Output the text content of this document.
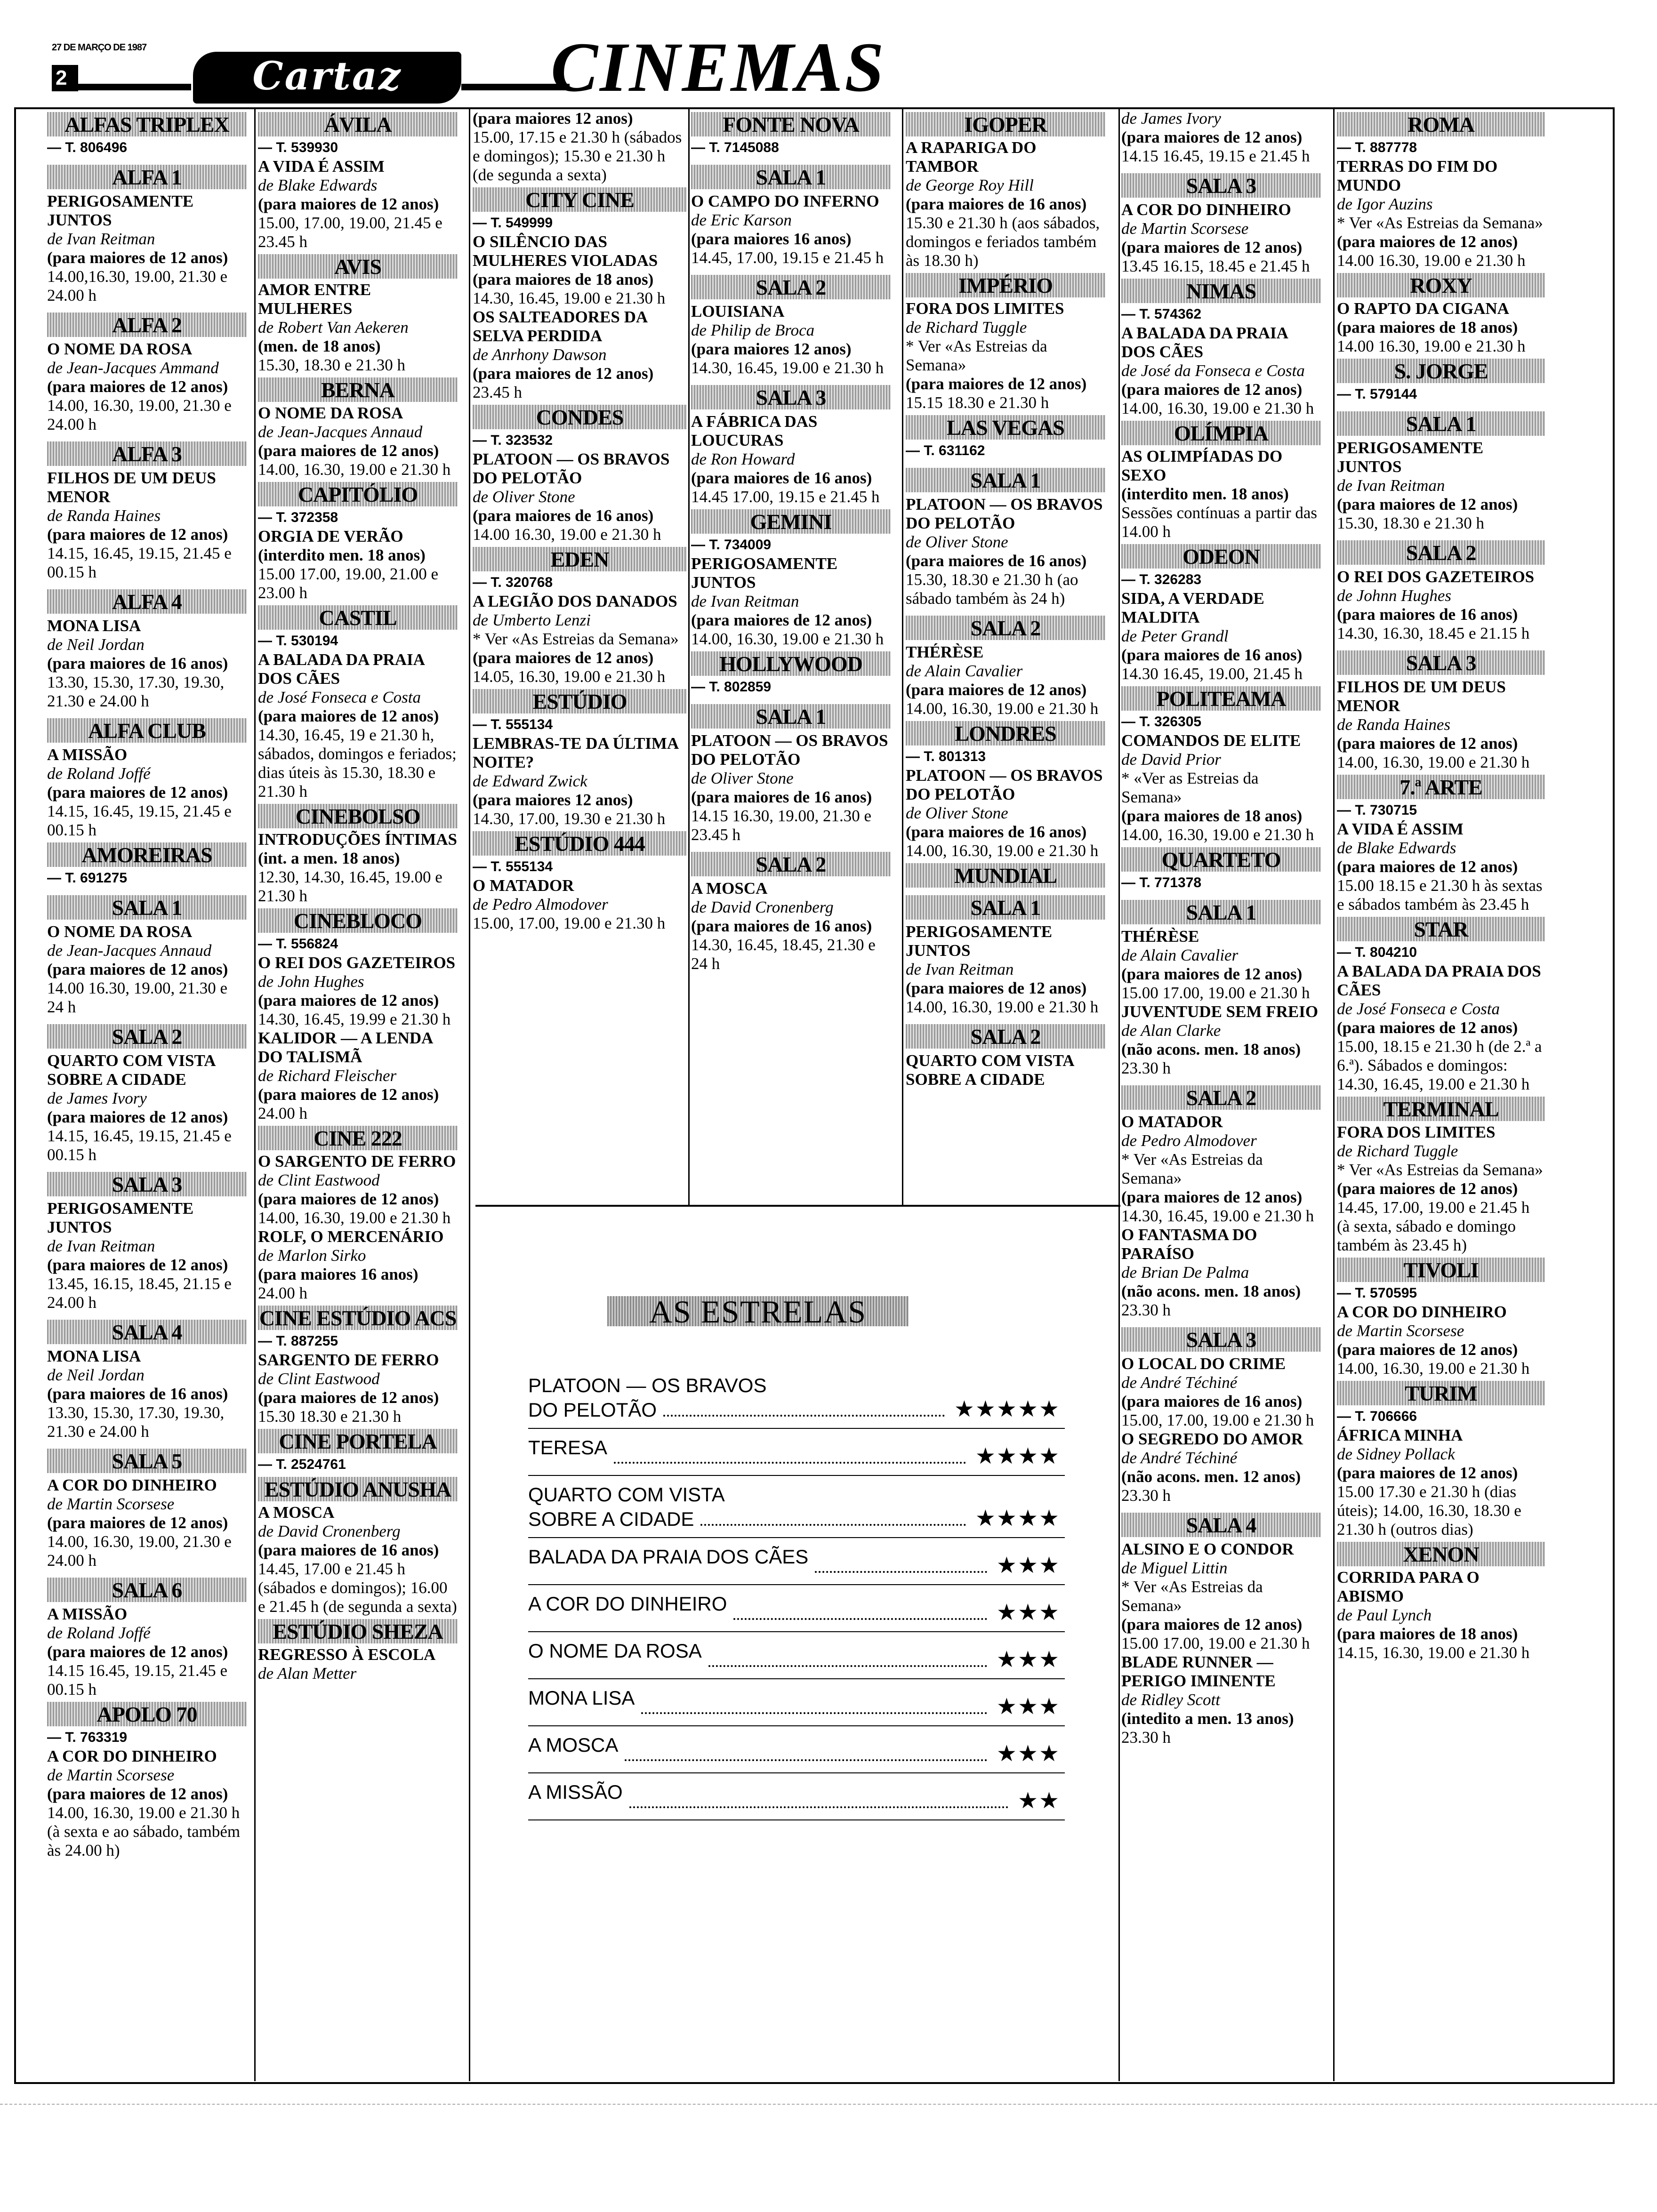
27 DE MARÇO DE 1987
2	Cartaz	CINEMAS
ALFAS TRIPLEX
— T. 806496
ALFA 1
PERIGOSAMENTE JUNTOS
de Ivan Reitman
(para maiores de 12 anos)
14.00,16.30, 19.00, 21.30 e 24.00 h
ALFA 2
O NOME DA ROSA
de Jean-Jacques Ammand
(para maiores de 12 anos)
14.00, 16.30, 19.00, 21.30 e 24.00 h
ALFA 3
FILHOS DE UM DEUS MENOR
de Randa Haines
(para maiores de 12 anos)
14.15, 16.45, 19.15, 21.45 e 00.15 h
ALFA 4
MONA LISA
de Neil Jordan
(para maiores de 16 anos)
13.30, 15.30, 17.30, 19.30, 21.30 e 24.00 h
ALFA CLUB
A MISSÃO
de Roland Joffé
(para maiores de 12 anos)
14.15, 16.45, 19.15, 21.45 e 00.15 h
AMOREIRAS
— T. 691275
SALA 1
O NOME DA ROSA
de Jean-Jacques Annaud
(para maiores de 12 anos)
14.00 16.30, 19.00, 21.30 e 24 h
SALA 2
QUARTO COM VISTA SOBRE A CIDADE
de James Ivory
(para maiores de 12 anos)
14.15, 16.45, 19.15, 21.45 e 00.15 h
SALA 3
PERIGOSAMENTE JUNTOS
de Ivan Reitman
(para maiores de 12 anos)
13.45, 16.15, 18.45, 21.15 e 24.00 h
SALA 4
MONA LISA
de Neil Jordan
(para maiores de 16 anos)
13.30, 15.30, 17.30, 19.30, 21.30 e 24.00 h
SALA 5
A COR DO DINHEIRO
de Martin Scorsese
(para maiores de 12 anos)
14.00, 16.30, 19.00, 21.30 e 24.00 h
SALA 6
A MISSÃO
de Roland Joffé
(para maiores de 12 anos)
14.15 16.45, 19.15, 21.45 e 00.15 h
APOLO 70
— T. 763319
A COR DO DINHEIRO
de Martin Scorsese
(para maiores de 12 anos)
14.00, 16.30, 19.00 e 21.30 h (à sexta e ao sábado, também às 24.00 h)
ÁVILA
— T. 539930
A VIDA É ASSIM
de Blake Edwards
(para maiores de 12 anos)
15.00, 17.00, 19.00, 21.45 e 23.45 h
AVIS
AMOR ENTRE MULHERES
de Robert Van Aekeren
(men. de 18 anos)
15.30, 18.30 e 21.30 h
BERNA
O NOME DA ROSA
de Jean-Jacques Annaud
(para maiores de 12 anos)
14.00, 16.30, 19.00 e 21.30 h
CAPITÓLIO
— T. 372358
ORGIA DE VERÃO
(interdito men. 18 anos)
15.00 17.00, 19.00, 21.00 e 23.00 h
CASTIL
— T. 530194
A BALADA DA PRAIA DOS CÃES
de José Fonseca e Costa
(para maiores de 12 anos)
14.30, 16.45, 19 e 21.30 h, sábados, domingos e feriados; dias úteis às 15.30, 18.30 e 21.30 h
CINEBOLSO
INTRODUÇÕES ÍNTIMAS
(int. a men. 18 anos)
12.30, 14.30, 16.45, 19.00 e 21.30 h
CINEBLOCO
— T. 556824
O REI DOS GAZETEIROS
de John Hughes
(para maiores de 12 anos)
14.30, 16.45, 19.99 e 21.30 h
KALIDOR — A LENDA DO TALISMÃ
de Richard Fleischer
(para maiores de 12 anos)
24.00 h
CINE 222
O SARGENTO DE FERRO
de Clint Eastwood
(para maiores de 12 anos)
14.00, 16.30, 19.00 e 21.30 h
ROLF, O MERCENÁRIO
de Marlon Sirko
(para maiores 16 anos)
24.00 h
CINE ESTÚDIO ACS
— T. 887255
SARGENTO DE FERRO
de Clint Eastwood
(para maiores de 12 anos)
15.30 18.30 e 21.30 h
CINE PORTELA
— T. 2524761
ESTÚDIO ANUSHA
A MOSCA
de David Cronenberg
(para maiores de 16 anos)
14.45, 17.00 e 21.45 h (sábados e domingos); 16.00 e 21.45 h (de segunda a sexta)
ESTÚDIO SHEZA
REGRESSO À ESCOLA
de Alan Metter
(para maiores 12 anos)
15.00, 17.15 e 21.30 h (sábados e domingos); 15.30 e 21.30 h (de segunda a sexta)
CITY CINE
— T. 549999
O SILÊNCIO DAS MULHERES VIOLADAS
(para maiores de 18 anos)
14.30, 16.45, 19.00 e 21.30 h
OS SALTEADORES DA SELVA PERDIDA
de Anrhony Dawson
(para maiores de 12 anos)
23.45 h
CONDES
— T. 323532
PLATOON — OS BRAVOS DO PELOTÃO
de Oliver Stone
(para maiores de 16 anos)
14.00 16.30, 19.00 e 21.30 h
EDEN
— T. 320768
A LEGIÃO DOS DANADOS
de Umberto Lenzi
* Ver «As Estreias da Semana»
(para maiores de 12 anos)
14.05, 16.30, 19.00 e 21.30 h
ESTÚDIO
— T. 555134
LEMBRAS-TE DA ÚLTIMA NOITE?
de Edward Zwick
(para maiores 12 anos)
14.30, 17.00, 19.30 e 21.30 h
ESTÚDIO 444
— T. 555134
O MATADOR
de Pedro Almodover
15.00, 17.00, 19.00 e 21.30 h
FONTE NOVA
— T. 7145088
SALA 1
O CAMPO DO INFERNO
de Eric Karson
(para maiores 16 anos)
14.45, 17.00, 19.15 e 21.45 h
SALA 2
LOUISIANA
de Philip de Broca
(para maiores 12 anos)
14.30, 16.45, 19.00 e 21.30 h
SALA 3
A FÁBRICA DAS LOUCURAS
de Ron Howard
(para maiores de 16 anos)
14.45 17.00, 19.15 e 21.45 h
GEMINI
— T. 734009
PERIGOSAMENTE JUNTOS
de Ivan Reitman
(para maiores de 12 anos)
14.00, 16.30, 19.00 e 21.30 h
HOLLYWOOD
— T. 802859
SALA 1
PLATOON — OS BRAVOS DO PELOTÃO
de Oliver Stone
(para maiores de 16 anos)
14.15 16.30, 19.00, 21.30 e 23.45 h
SALA 2
A MOSCA
de David Cronenberg
(para maiores de 16 anos)
14.30, 16.45, 18.45, 21.30 e 24 h
IGOPER
A RAPARIGA DO TAMBOR
de George Roy Hill
(para maiores de 16 anos)
15.30 e 21.30 h (aos sábados, domingos e feriados também às 18.30 h)
IMPÉRIO
FORA DOS LIMITES
de Richard Tuggle
* Ver «As Estreias da Semana»
(para maiores de 12 anos)
15.15 18.30 e 21.30 h
LAS VEGAS
— T. 631162
SALA 1
PLATOON — OS BRAVOS DO PELOTÃO
de Oliver Stone
(para maiores de 16 anos)
15.30, 18.30 e 21.30 h (ao sábado também às 24 h)
SALA 2
THÉRÈSE
de Alain Cavalier
(para maiores de 12 anos)
14.00, 16.30, 19.00 e 21.30 h
LONDRES
— T. 801313
PLATOON — OS BRAVOS DO PELOTÃO
de Oliver Stone
(para maiores de 16 anos)
14.00, 16.30, 19.00 e 21.30 h
MUNDIAL
SALA 1
PERIGOSAMENTE JUNTOS
de Ivan Reitman
(para maiores de 12 anos)
14.00, 16.30, 19.00 e 21.30 h
SALA 2
QUARTO COM VISTA SOBRE A CIDADE
de James Ivory
(para maiores de 12 anos)
14.15 16.45, 19.15 e 21.45 h
SALA 3
A COR DO DINHEIRO
de Martin Scorsese
(para maiores de 12 anos)
13.45 16.15, 18.45 e 21.45 h
NIMAS
— T. 574362
A BALADA DA PRAIA DOS CÃES
de José da Fonseca e Costa
(para maiores de 12 anos)
14.00, 16.30, 19.00 e 21.30 h
OLÍMPIA
AS OLIMPÍADAS DO SEXO
(interdito men. 18 anos)
Sessões contínuas a partir das 14.00 h
ODEON
— T. 326283
SIDA, A VERDADE MALDITA
de Peter Grandl
(para maiores de 16 anos)
14.30 16.45, 19.00, 21.45 h
POLITEAMA
— T. 326305
COMANDOS DE ELITE
de David Prior
* «Ver as Estreias da Semana»
(para maiores de 18 anos)
14.00, 16.30, 19.00 e 21.30 h
QUARTETO
— T. 771378
SALA 1
THÉRÈSE
de Alain Cavalier
(para maiores de 12 anos)
15.00 17.00, 19.00 e 21.30 h
JUVENTUDE SEM FREIO
de Alan Clarke
(não acons. men. 18 anos)
23.30 h
SALA 2
O MATADOR
de Pedro Almodover
* Ver «As Estreias da Semana»
(para maiores de 12 anos)
14.30, 16.45, 19.00 e 21.30 h
O FANTASMA DO PARAÍSO
de Brian De Palma
(não acons. men. 18 anos)
23.30 h
SALA 3
O LOCAL DO CRIME
de André Téchiné
(para maiores de 16 anos)
15.00, 17.00, 19.00 e 21.30 h
O SEGREDO DO AMOR
de André Téchiné
(não acons. men. 12 anos)
23.30 h
SALA 4
ALSINO E O CONDOR
de Miguel Littin
* Ver «As Estreias da Semana»
(para maiores de 12 anos)
15.00 17.00, 19.00 e 21.30 h
BLADE RUNNER — PERIGO IMINENTE
de Ridley Scott
(intedito a men. 13 anos)
23.30 h
ROMA
— T. 887778
TERRAS DO FIM DO MUNDO
de Igor Auzins
* Ver «As Estreias da Semana»
(para maiores de 12 anos)
14.00 16.30, 19.00 e 21.30 h
ROXY
O RAPTO DA CIGANA
(para maiores de 18 anos)
14.00 16.30, 19.00 e 21.30 h
S. JORGE
— T. 579144
SALA 1
PERIGOSAMENTE JUNTOS
de Ivan Reitman
(para maiores de 12 anos)
15.30, 18.30 e 21.30 h
SALA 2
O REI DOS GAZETEIROS
de Johnn Hughes
(para maiores de 16 anos)
14.30, 16.30, 18.45 e 21.15 h
SALA 3
FILHOS DE UM DEUS MENOR
de Randa Haines
(para maiores de 12 anos)
14.00, 16.30, 19.00 e 21.30 h
7.ª ARTE
— T. 730715
A VIDA É ASSIM
de Blake Edwards
(para maiores de 12 anos)
15.00 18.15 e 21.30 h às sextas e sábados também às 23.45 h
STAR
— T. 804210
A BALADA DA PRAIA DOS CÃES
de José Fonseca e Costa
(para maiores de 12 anos)
15.00, 18.15 e 21.30 h (de 2.ª a 6.ª). Sábados e domingos: 14.30, 16.45, 19.00 e 21.30 h
TERMINAL
FORA DOS LIMITES
de Richard Tuggle
* Ver «As Estreias da Semana»
(para maiores de 12 anos)
14.45, 17.00, 19.00 e 21.45 h (à sexta, sábado e domingo também às 23.45 h)
TIVOLI
— T. 570595
A COR DO DINHEIRO
de Martin Scorsese
(para maiores de 12 anos)
14.00, 16.30, 19.00 e 21.30 h
TURIM
— T. 706666
ÁFRICA MINHA
de Sidney Pollack
(para maiores de 12 anos)
15.00 17.30 e 21.30 h (dias úteis); 14.00, 16.30, 18.30 e 21.30 h (outros dias)
XENON
CORRIDA PARA O ABISMO
de Paul Lynch
(para maiores de 18 anos)
14.15, 16.30, 19.00 e 21.30 h
AS ESTRELAS
PLATOON — OS BRAVOS
DO PELOTÃO	★★★★★
TERESA	★★★★
QUARTO COM VISTA
SOBRE A CIDADE	★★★★
BALADA DA PRAIA DOS CÃES	★★★
A COR DO DINHEIRO	★★★
O NOME DA ROSA	★★★
MONA LISA	★★★
A MOSCA	★★★
A MISSÃO	★★
